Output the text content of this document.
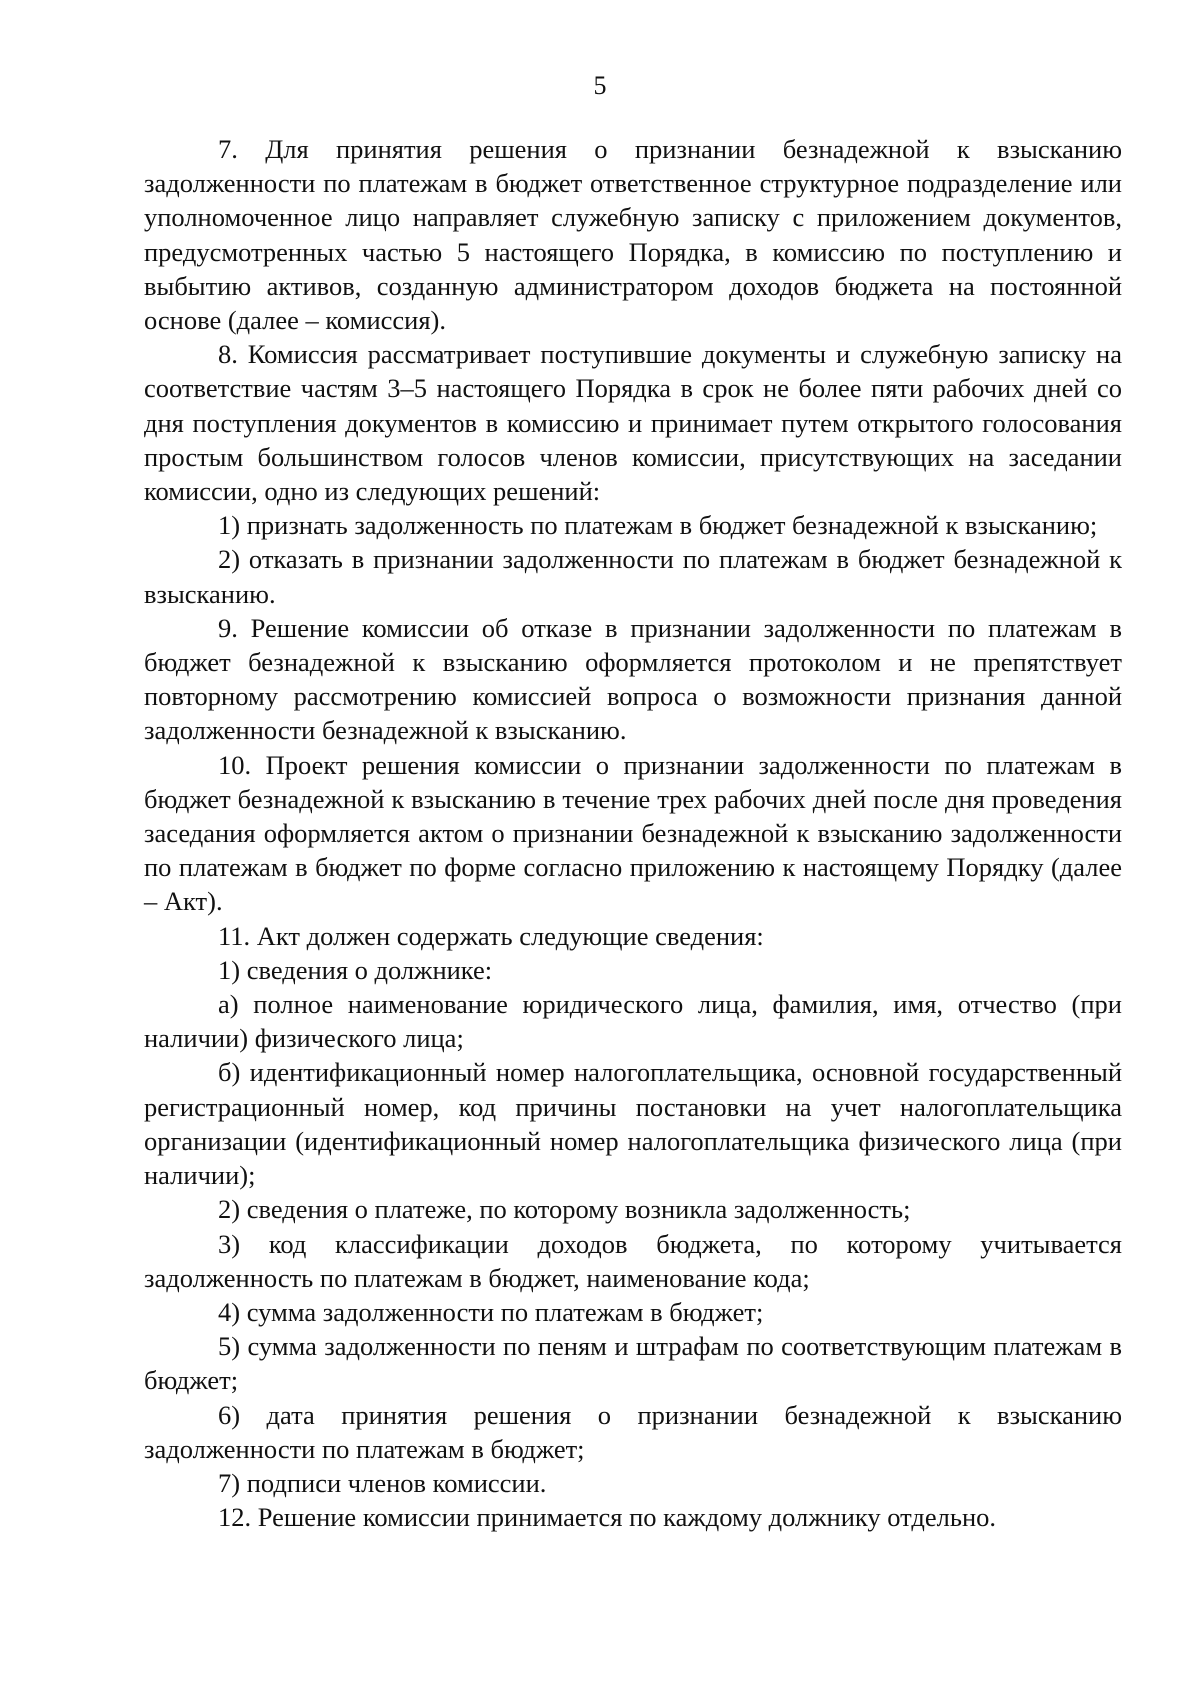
5

7. Для принятия решения о признании безнадежной к взысканию задолженности по платежам в бюджет ответственное структурное подразделение или уполномоченное лицо направляет служебную записку с приложением документов, предусмотренных частью 5 настоящего Порядка, в комиссию по поступлению и выбытию активов, созданную администратором доходов бюджета на постоянной основе (далее – комиссия).

8. Комиссия рассматривает поступившие документы и служебную записку на соответствие частям 3–5 настоящего Порядка в срок не более пяти рабочих дней со дня поступления документов в комиссию и принимает путем открытого голосования простым большинством голосов членов комиссии, присутствующих на заседании комиссии, одно из следующих решений:

1) признать задолженность по платежам в бюджет безнадежной к взысканию;

2) отказать в признании задолженности по платежам в бюджет безнадежной к взысканию.

9. Решение комиссии об отказе в признании задолженности по платежам в бюджет безнадежной к взысканию оформляется протоколом и не препятствует повторному рассмотрению комиссией вопроса о возможности признания данной задолженности безнадежной к взысканию.

10. Проект решения комиссии о признании задолженности по платежам в бюджет безнадежной к взысканию в течение трех рабочих дней после дня проведения заседания оформляется актом о признании безнадежной к взысканию задолженности по платежам в бюджет по форме согласно приложению к настоящему Порядку (далее – Акт).

11. Акт должен содержать следующие сведения:

1) сведения о должнике:

а) полное наименование юридического лица, фамилия, имя, отчество (при наличии) физического лица;

б) идентификационный номер налогоплательщика, основной государственный регистрационный номер, код причины постановки на учет налогоплательщика организации (идентификационный номер налогоплательщика физического лица (при наличии);

2) сведения о платеже, по которому возникла задолженность;

3) код классификации доходов бюджета, по которому учитывается задолженность по платежам в бюджет, наименование кода;

4) сумма задолженности по платежам в бюджет;

5) сумма задолженности по пеням и штрафам по соответствующим платежам в бюджет;

6) дата принятия решения о признании безнадежной к взысканию задолженности по платежам в бюджет;

7) подписи членов комиссии.

12. Решение комиссии принимается по каждому должнику отдельно.
